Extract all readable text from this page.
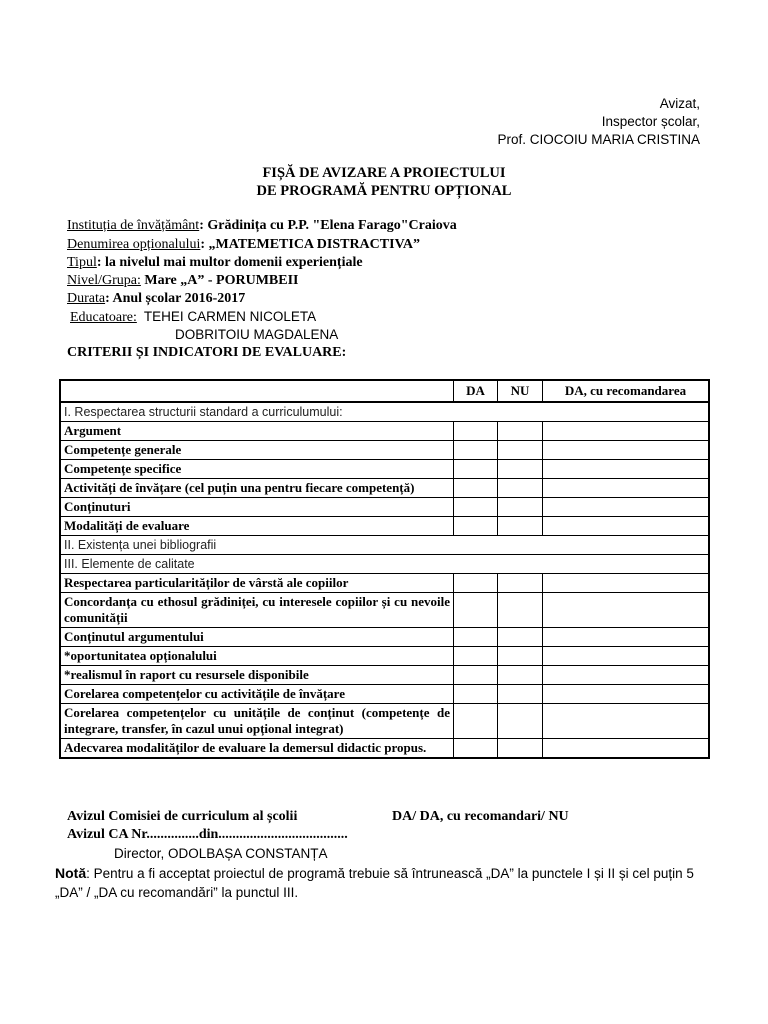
Avizat,
Inspector școlar,
Prof. CIOCOIU MARIA CRISTINA
FIȘĂ DE AVIZARE A PROIECTULUI
DE PROGRAMĂ PENTRU OPȚIONAL
Instituția de învățământ: Grădinița cu P.P. "Elena Farago"Craiova
Denumirea opționalului: „MATEMETICA DISTRACTIVA”
Tipul: la nivelul mai multor domenii experiențiale
Nivel/Grupa: Mare „A” - PORUMBEII
Durata: Anul școlar 2016-2017
Educatoare: TEHEI CARMEN NICOLETA
DOBRITOIU MAGDALENA
CRITERII ȘI INDICATORI DE EVALUARE:
	DA	NU	DA, cu recomandarea
I. Respectarea structurii standard a curriculumului:			
Argument			
Competențe generale			
Competențe specifice			
Activități de învățare (cel puțin una pentru fiecare competență)			
Conținuturi			
Modalități de evaluare			
II. Existența unei bibliografii			
III. Elemente de calitate			
Respectarea particularităților de vârstă ale copiilor			
Concordanța cu ethosul grădiniței, cu interesele copiilor și cu nevoile comunității			
Conținutul argumentului			
*oportunitatea opționalului			
*realismul în raport cu resursele disponibile			
Corelarea competențelor cu activitățile de învățare			
Corelarea competențelor cu unitățile de conținut (competențe de integrare, transfer, în cazul unui opțional integrat)			
Adecvarea modalităților de evaluare la demersul didactic propus.			
Avizul Comisiei de curriculum al școlii	DA/ DA, cu recomandari/ NU
Avizul CA Nr...............din.....................................
Director, ODOLBAȘA CONSTANȚA
Notă: Pentru a fi acceptat proiectul de programă trebuie să întrunească „DA” la punctele I și II și cel puțin 5 „DA” / „DA cu recomandări” la punctul III.
